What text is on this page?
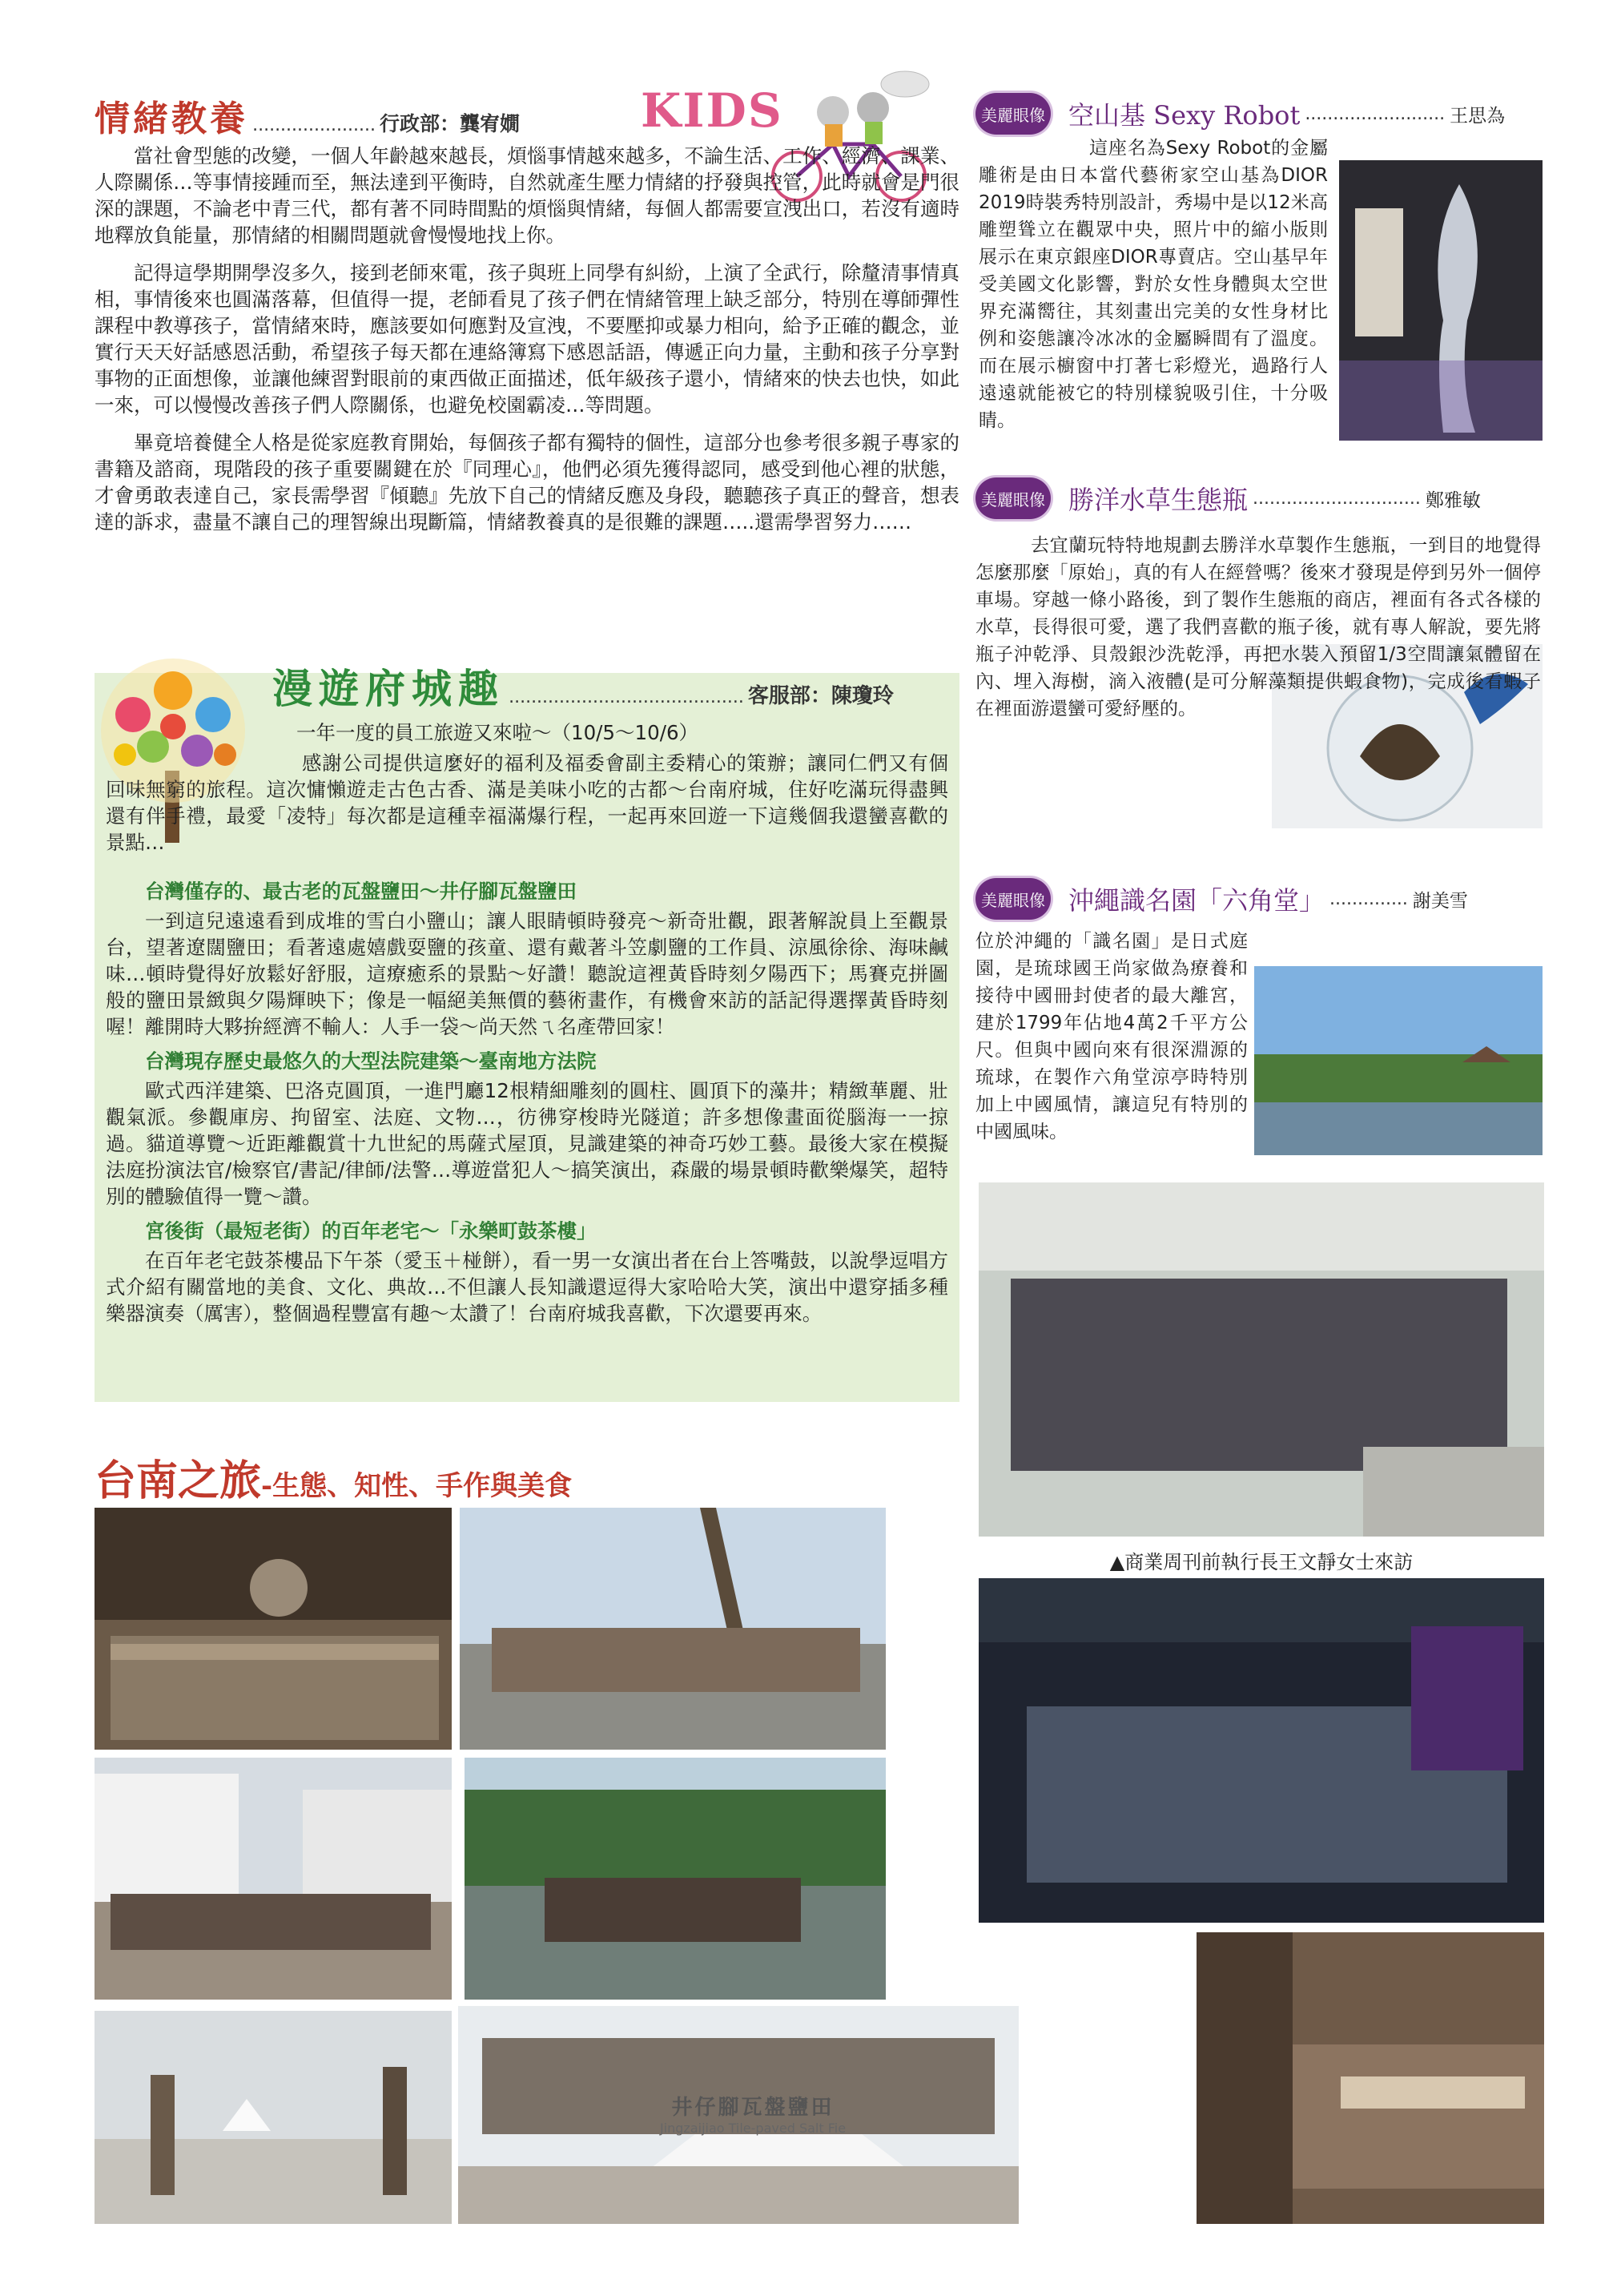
情緒教養 ...................... 行政部：龔宥嫺	KIDS

當社會型態的改變，一個人年齡越來越長，煩惱事情越來越多，不論生活、工作、經濟、課業、人際關係…等事情接踵而至，無法達到平衡時，自然就產生壓力情緒的抒發與控管，此時就會是門很深的課題，不論老中青三代，都有著不同時間點的煩惱與情緒，每個人都需要宣洩出口，若沒有適時地釋放負能量，那情緒的相關問題就會慢慢地找上你。

記得這學期開學沒多久，接到老師來電，孩子與班上同學有糾紛，上演了全武行，除釐清事情真相，事情後來也圓滿落幕，但值得一提，老師看見了孩子們在情緒管理上缺乏部分，特別在導師彈性課程中教導孩子，當情緒來時，應該要如何應對及宣洩，不要壓抑或暴力相向，給予正確的觀念，並實行天天好話感恩活動，希望孩子每天都在連絡簿寫下感恩話語，傳遞正向力量，主動和孩子分享對事物的正面想像，並讓他練習對眼前的東西做正面描述，低年級孩子還小，情緒來的快去也快，如此一來，可以慢慢改善孩子們人際關係，也避免校園霸凌…等問題。

畢竟培養健全人格是從家庭教育開始，每個孩子都有獨特的個性，這部分也參考很多親子專家的書籍及諮商，現階段的孩子重要關鍵在於『同理心』，他們必須先獲得認同，感受到他心裡的狀態，才會勇敢表達自己，家長需學習『傾聽』先放下自己的情緒反應及身段，聽聽孩子真正的聲音，想表達的訴求，盡量不讓自己的理智線出現斷篇，情緒教養真的是很難的課題…..還需學習努力……

漫遊府城趣 .......................................... 客服部：陳瓊玲
一年一度的員工旅遊又來啦～（10/5～10/6）
感謝公司提供這麼好的福利及福委會副主委精心的策辦；讓同仁們又有個回味無窮的旅程。這次慵懶遊走古色古香、滿是美味小吃的古都～台南府城，住好吃滿玩得盡興還有伴手禮，最愛「凌特」每次都是這種幸福滿爆行程，一起再來回遊一下這幾個我還蠻喜歡的景點…
台灣僅存的、最古老的瓦盤鹽田～井仔腳瓦盤鹽田

一到這兒遠遠看到成堆的雪白小鹽山；讓人眼睛頓時發亮～新奇壯觀，跟著解說員上至觀景台，望著遼闊鹽田；看著遠處嬉戲耍鹽的孩童、還有戴著斗笠劇鹽的工作員、涼風徐徐、海味鹹味…頓時覺得好放鬆好舒服，這療癒系的景點～好讚！聽說這裡黃昏時刻夕陽西下；馬賽克拼圖般的鹽田景緻與夕陽輝映下；像是一幅絕美無價的藝術畫作，有機會來訪的話記得選擇黃昏時刻喔！離開時大夥拚經濟不輸人：人手一袋～尚天然ㄟ名產帶回家！

台灣現存歷史最悠久的大型法院建築～臺南地方法院

歐式西洋建築、巴洛克圓頂，一進門廳12根精細雕刻的圓柱、圓頂下的藻井；精緻華麗、壯觀氣派。參觀庫房、拘留室、法庭、文物…，彷彿穿梭時光隧道；許多想像畫面從腦海一一掠過。貓道導覽～近距離觀賞十九世紀的馬薩式屋頂，見識建築的神奇巧妙工藝。最後大家在模擬法庭扮演法官/檢察官/書記/律師/法警…導遊當犯人～搞笑演出，森嚴的場景頓時歡樂爆笑，超特別的體驗值得一覽～讚。

宮後街（最短老街）的百年老宅～「永樂町鼓茶樓」

在百年老宅鼓茶樓品下午茶（愛玉＋椪餅），看一男一女演出者在台上答嘴鼓，以說學逗唱方式介紹有關當地的美食、文化、典故…不但讓人長知識還逗得大家哈哈大笑，演出中還穿插多種樂器演奏（厲害），整個過程豐富有趣～太讚了！台南府城我喜歡，下次還要再來。

台南之旅-生態、知性、手作與美食
井仔腳瓦盤鹽田
Jingzaijiao Tile-paved Salt Fie
美麗眼像 空山基 Sexy Robot ......................... 王思為
這座名為Sexy Robot的金屬雕術是由日本當代藝術家空山基為DIOR 2019時裝秀特別設計，秀場中是以12米高雕塑聳立在觀眾中央，照片中的縮小版則展示在東京銀座DIOR專賣店。空山基早年受美國文化影響，對於女性身體與太空世界充滿嚮往，其刻畫出完美的女性身材比例和姿態讓冷冰冰的金屬瞬間有了溫度。而在展示櫥窗中打著七彩燈光，過路行人遠遠就能被它的特別樣貌吸引住，十分吸睛。
美麗眼像 勝洋水草生態瓶 .............................. 鄭雅敏
去宜蘭玩特特地規劃去勝洋水草製作生態瓶，一到目的地覺得怎麼那麼「原始」，真的有人在經營嗎？後來才發現是停到另外一個停車場。穿越一條小路後，到了製作生態瓶的商店，裡面有各式各樣的水草，長得很可愛，選了我們喜歡的瓶子後，就有專人解說，要先將瓶子沖乾淨、貝殼銀沙洗乾淨，再把水裝入預留1/3空間讓氣體留在內、埋入海樹，滴入液體(是可分解藻類提供蝦食物)，完成後看蝦子在裡面游還蠻可愛紓壓的。
美麗眼像 沖繩識名園「六角堂」 .............. 謝美雪
位於沖繩的「識名園」是日式庭園，是琉球國王尚家做為療養和接待中國冊封使者的最大離宮，建於1799年佔地4萬2千平方公尺。但與中國向來有很深淵源的琉球，在製作六角堂涼亭時特別加上中國風情，讓這兒有特別的中國風味。
▲商業周刊前執行長王文靜女士來訪
